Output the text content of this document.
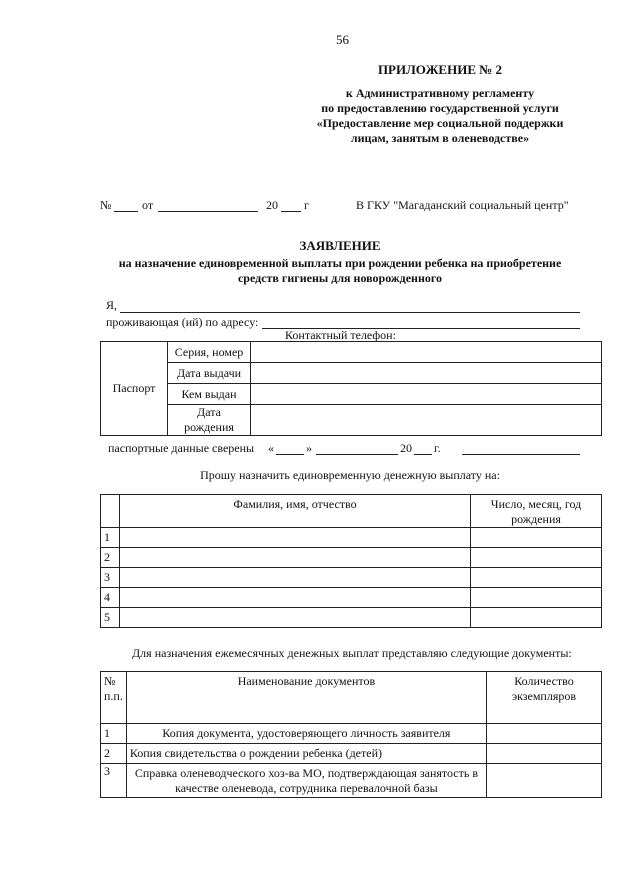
56
ПРИЛОЖЕНИЕ № 2
к Административному регламенту
по предоставлению государственной услуги
«Предоставление мер социальной поддержки
лицам, занятым в оленеводстве»
№	от	20 г	В ГКУ "Магаданский социальный центр"
ЗАЯВЛЕНИЕ
на назначение единовременной выплаты при рождении ребенка на приобретение
средств гигиены для новорожденного
Я,
проживающая (ий) по адресу:
Контактный телефон:
Паспорт	Серия, номер	
	Дата выдачи	
	Кем выдан	
	Дата рождения	
паспортные данные сверены «	»	20 г.
Прошу назначить единовременную денежную выплату на:
	Фамилия, имя, отчество	Число, месяц, год рождения
1		
2		
3		
4		
5		
Для назначения ежемесячных денежных выплат представляю следующие документы:
№ п.п.	Наименование документов	Количество экземпляров
1	Копия документа, удостоверяющего личность заявителя	
2	Копия свидетельства о рождении ребенка (детей)	
3	Справка оленеводческого хоз-ва МО, подтверждающая занятость в качестве оленевода, сотрудника перевалочной базы	
